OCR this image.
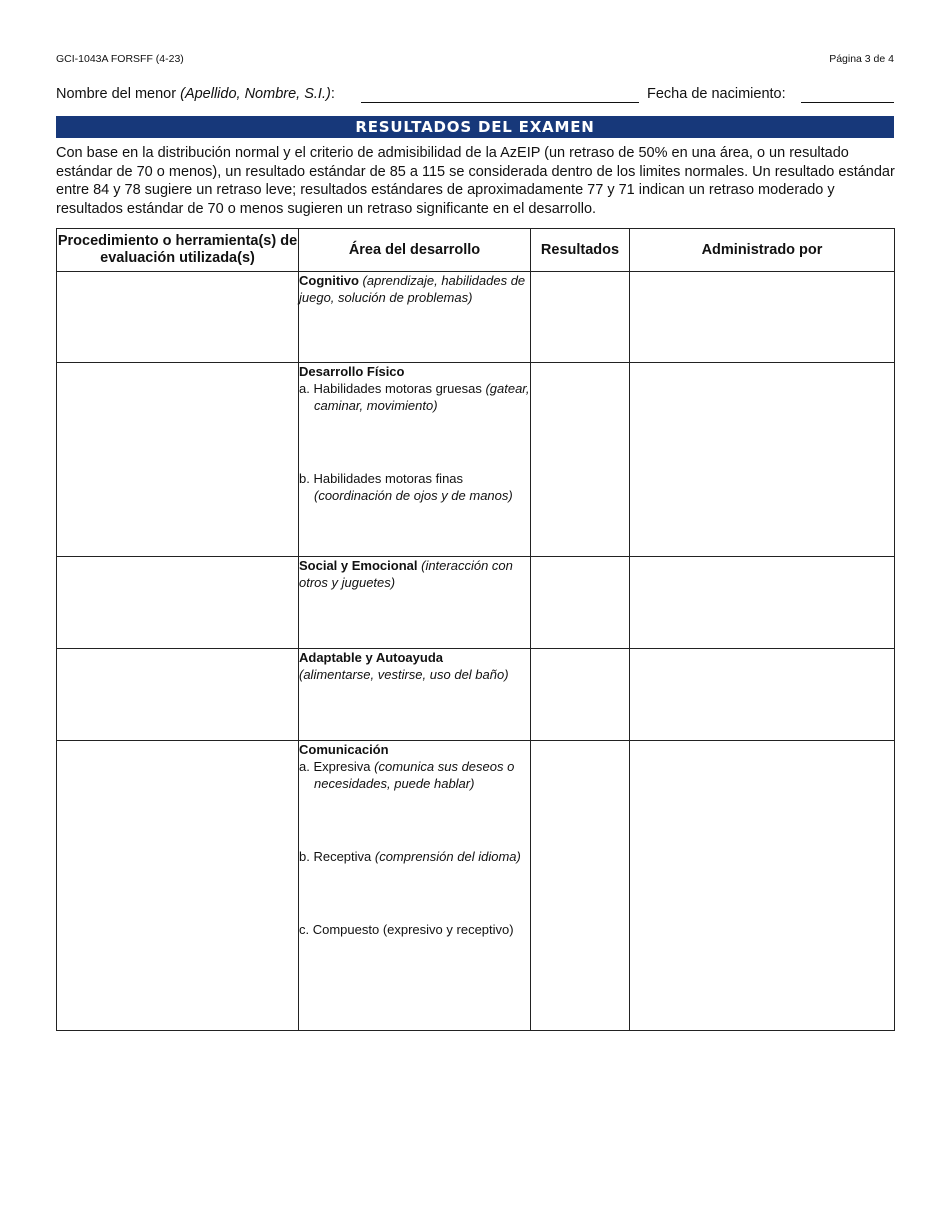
GCI-1043A FORSFF (4-23)	Página 3 de 4
Nombre del menor (Apellido, Nombre, S.I.):	Fecha de nacimiento:
RESULTADOS DEL EXAMEN
Con base en la distribución normal y el criterio de admisibilidad de la AzEIP (un retraso de 50% en una área, o un resultado estándar de 70 o menos), un resultado estándar de 85 a 115 se considerada dentro de los limites normales. Un resultado estándar entre 84 y 78 sugiere un retraso leve; resultados estándares de aproximadamente 77 y 71 indican un retraso moderado y resultados estándar de 70 o menos sugieren un retraso significante en el desarrollo.
Procedimiento o herramienta(s) de evaluación utilizada(s)	Área del desarrollo	Resultados	Administrado por
	Cognitivo (aprendizaje, habilidades de juego, solución de problemas)		

	Desarrollo Físico
a. Habilidades motoras gruesas (gatear, caminar, movimiento)
b. Habilidades motoras finas (coordinación de ojos y de manos)		

	Social y Emocional (interacción con otros y juguetes)		

	Adaptable y Autoayuda
(alimentarse, vestirse, uso del baño)		

	Comunicación
a. Expresiva (comunica sus deseos o necesidades, puede hablar)
b. Receptiva (comprensión del idioma)
c. Compuesto (expresivo y receptivo)		
